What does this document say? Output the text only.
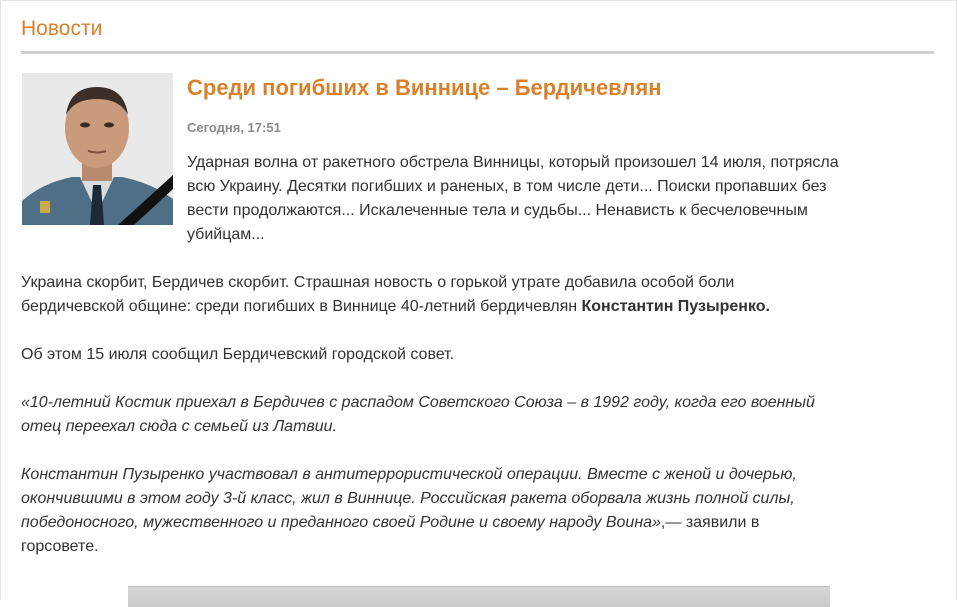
Новости
Среди погибших в Виннице – Бердичевлян
Сегодня, 17:51
Ударная волна от ракетного обстрела Винницы, который произошел 14 июля, потрясла
всю Украину. Десятки погибших и раненых, в том числе дети... Поиски пропавших без
вести продолжаются... Искалеченные тела и судьбы... Ненависть к бесчеловечным
убийцам...
Украина скорбит, Бердичев скорбит. Страшная новость о горькой утрате добавила особой боли
бердичевской общине: среди погибших в Виннице 40-летний бердичевлян Константин Пузыренко.
Об этом 15 июля сообщил Бердичевский городской совет.
«10-летний Костик приехал в Бердичев с распадом Советского Союза – в 1992 году, когда его военный
отец переехал сюда с семьей из Латвии.
Константин Пузыренко участвовал в антитеррористической операции. Вместе с женой и дочерью,
окончившими в этом году 3-й класс, жил в Виннице. Российская ракета оборвала жизнь полной силы,
победоносного, мужественного и преданного своей Родине и своему народу Воина»,— заявили в
горсовете.
